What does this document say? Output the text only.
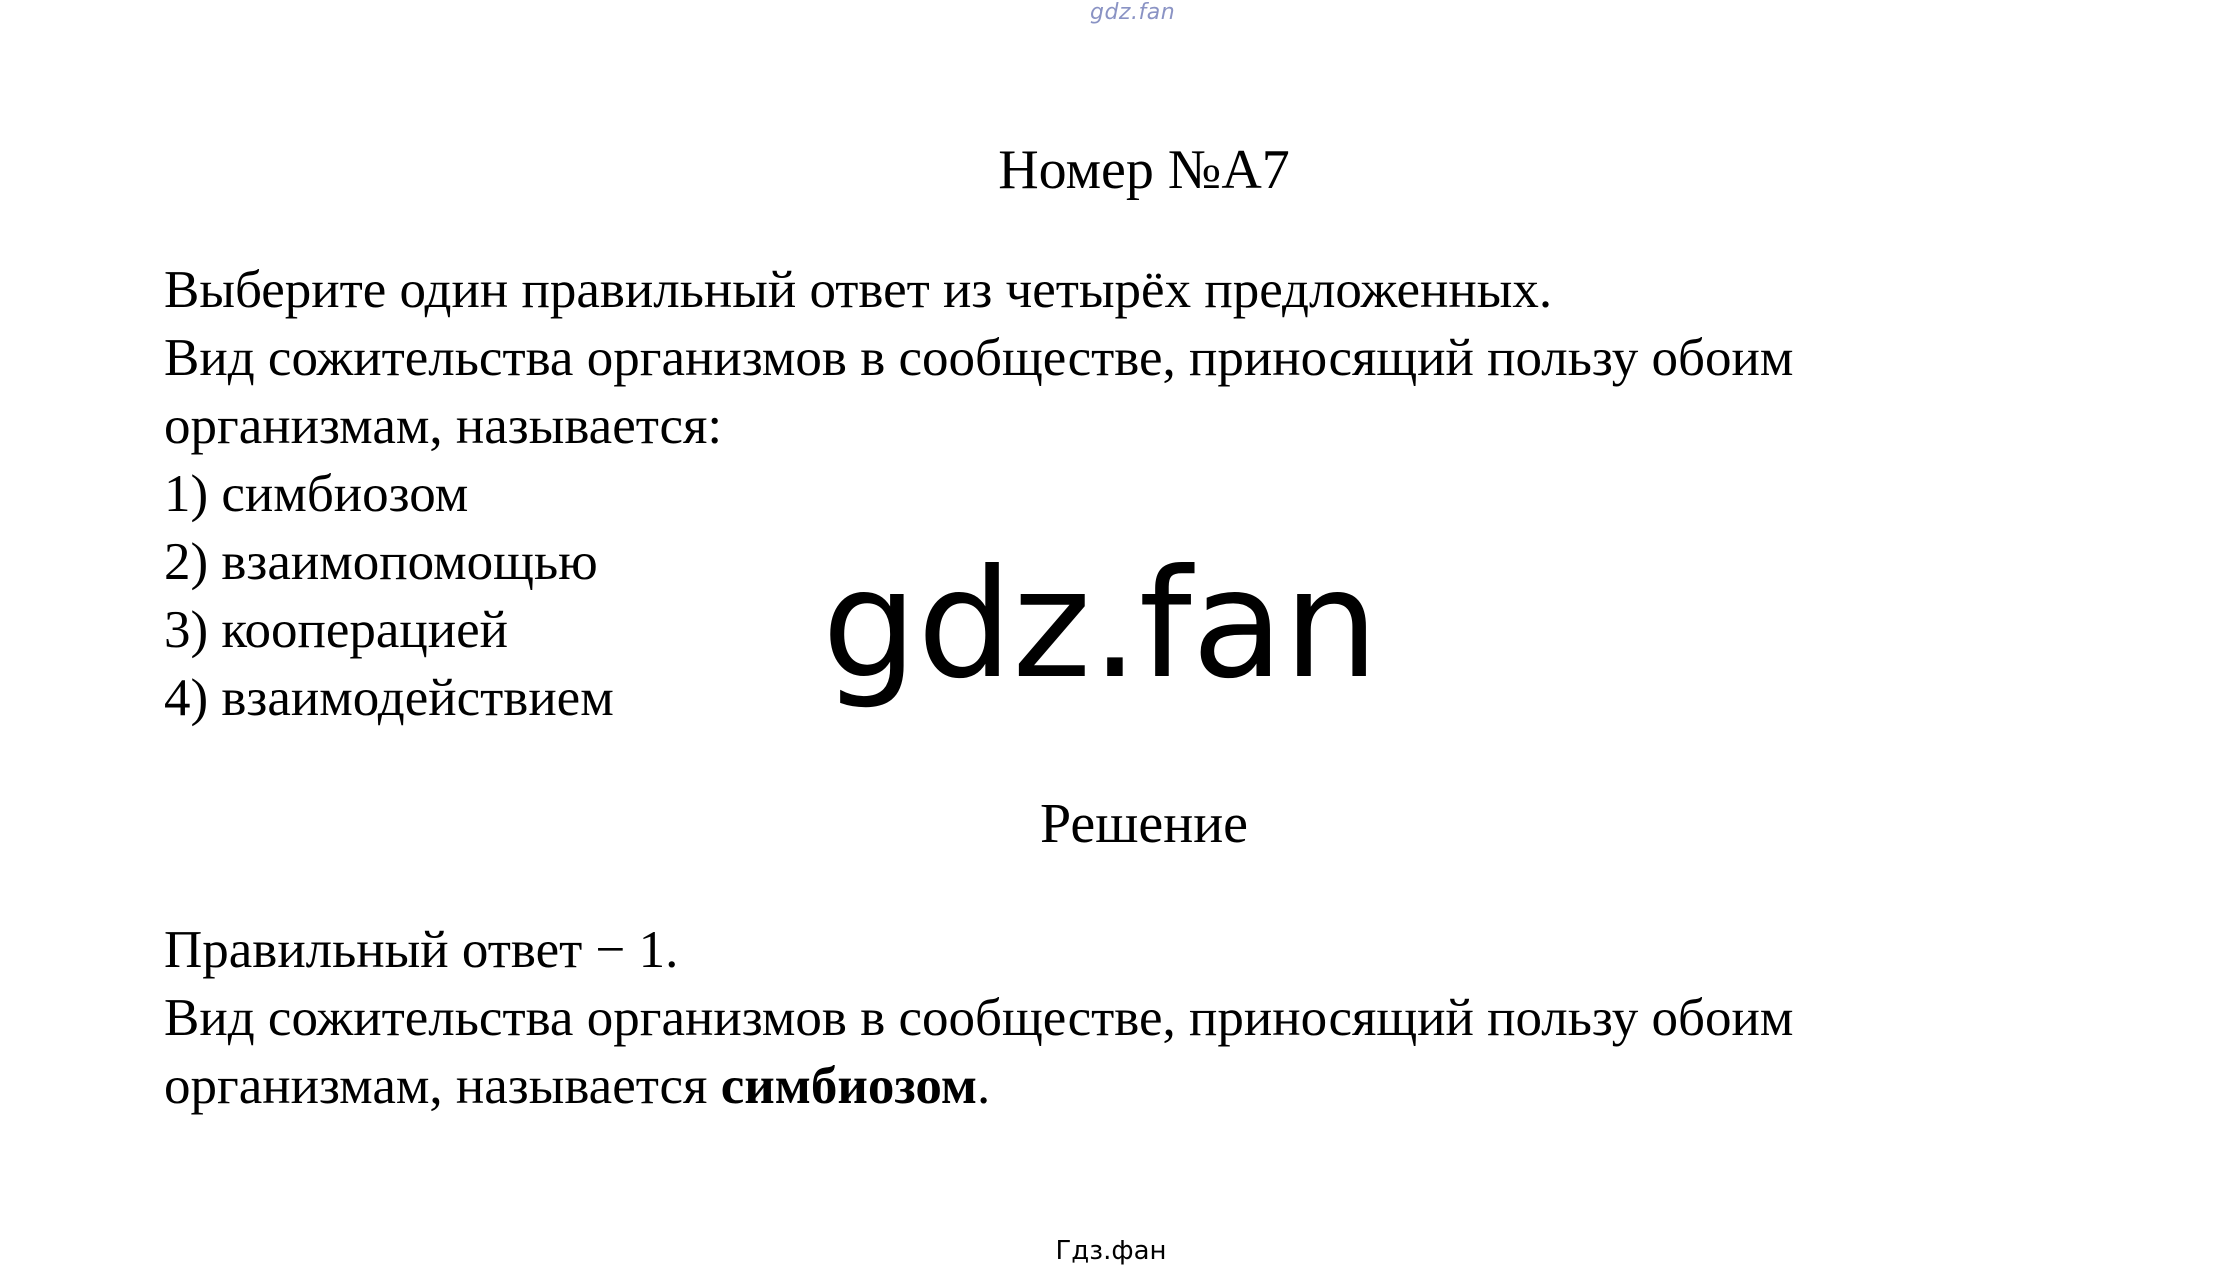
gdz.fan
Номер №А7

Выберите один правильный ответ из четырёх предложенных.

Вид сожительства организмов в сообществе, приносящий пользу обоим

организмам, называется:

1) симбиозом

2) взаимопомощью

3) кооперацией

4) взаимодействием	gdz.fan
Решение

Правильный ответ − 1.

Вид сожительства организмов в сообществе, приносящий пользу обоим

организмам, называется симбиозом.

Гдз.фан
